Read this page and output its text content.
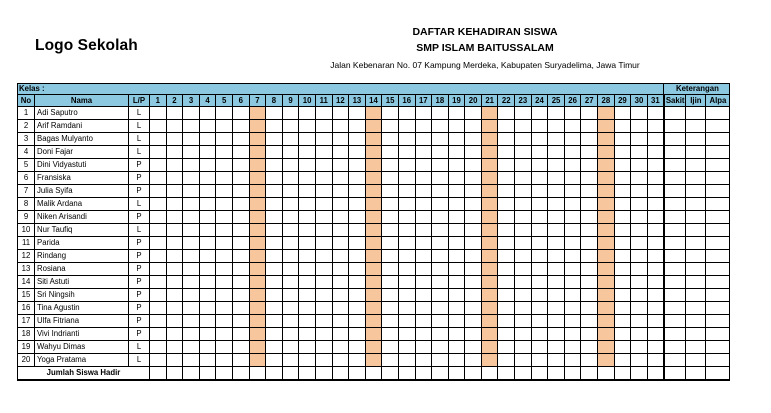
Logo Sekolah
DAFTAR KEHADIRAN SISWA
SMP ISLAM BAITUSSALAM
Jalan Kebenaran No. 07 Kampung Merdeka, Kabupaten Suryadelima, Jawa Timur
Kelas :																																		Keterangan		
No	Nama	L/P	1	2	3	4	5	6	7	8	9	10	11	12	13	14	15	16	17	18	19	20	21	22	23	24	25	26	27	28	29	30	31	Sakit	Ijin	Alpa
1	Adi Saputro	L																																		
2	Arif Ramdani	L																																		
3	Bagas Mulyanto	L																																		
4	Doni Fajar	L																																		
5	Dini Vidyastuti	P																																		
6	Fransiska	P																																		
7	Julia Syifa	P																																		
8	Malik Ardana	L																																		
9	Niken Arisandi	P																																		
10	Nur Taufiq	L																																		
11	Parida	P																																		
12	Rindang	P																																		
13	Rosiana	P																																		
14	Siti Astuti	P																																		
15	Sri Ningsih	P																																		
16	Tina Agustin	P																																		
17	Ulfa Fitriana	P																																		
18	Vivi Indrianti	P																																		
19	Wahyu Dimas	L																																		
20	Yoga Pratama	L																																		
Jumlah Siswa Hadir																																				
